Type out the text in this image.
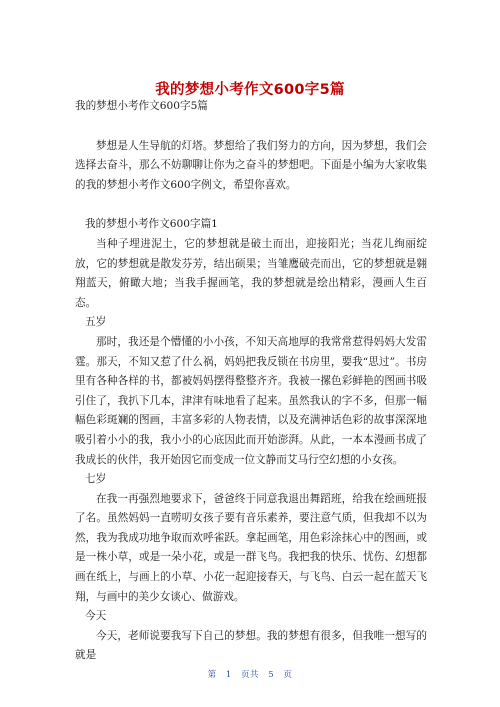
我的梦想小考作文600字5篇

我的梦想小考作文600字5篇

梦想是人生导航的灯塔。梦想给了我们努力的方向，因为梦想，我们会选择去奋斗，那么不妨聊聊让你为之奋斗的梦想吧。下面是小编为大家收集的我的梦想小考作文600字例文，希望你喜欢。

我的梦想小考作文600字篇1

当种子埋进泥土，它的梦想就是破土而出，迎接阳光；当花儿绚丽绽放，它的梦想就是散发芬芳，结出硕果；当雏鹰破壳而出，它的梦想就是翱翔蓝天，俯瞰大地；当我手握画笔，我的梦想就是绘出精彩，漫画人生百态。

五岁

那时，我还是个懵懂的小小孩，不知天高地厚的我常常惹得妈妈大发雷霆。那天，不知又惹了什么祸，妈妈把我反锁在书房里，要我“思过”。书房里有各种各样的书，都被妈妈摆得整整齐齐。我被一摞色彩鲜艳的图画书吸引住了，我扒下几本，津津有味地看了起来。虽然我认的字不多，但那一幅幅色彩斑斓的图画，丰富多彩的人物表情，以及充满神话色彩的故事深深地吸引着小小的我，我小小的心底因此而开始澎湃。从此，一本本漫画书成了我成长的伙伴，我开始因它而变成一位文静而艾马行空幻想的小女孩。

七岁

在我一再强烈地要求下，爸爸终于同意我退出舞蹈班，给我在绘画班报了名。虽然妈妈一直唠叨女孩子要有音乐素养，要注意气质，但我却不以为然，我为我成功地争取而欢呼雀跃。拿起画笔，用色彩涂抹心中的图画，或是一株小草，或是一朵小花，或是一群飞鸟。我把我的快乐、忧伤、幻想都画在纸上，与画上的小草、小花一起迎接春天，与飞鸟、白云一起在蓝天飞翔，与画中的美少女谈心、做游戏。

今天

今天，老师说要我写下自己的梦想。我的梦想有很多，但我唯一想写的就是

第 1 页共 5 页
